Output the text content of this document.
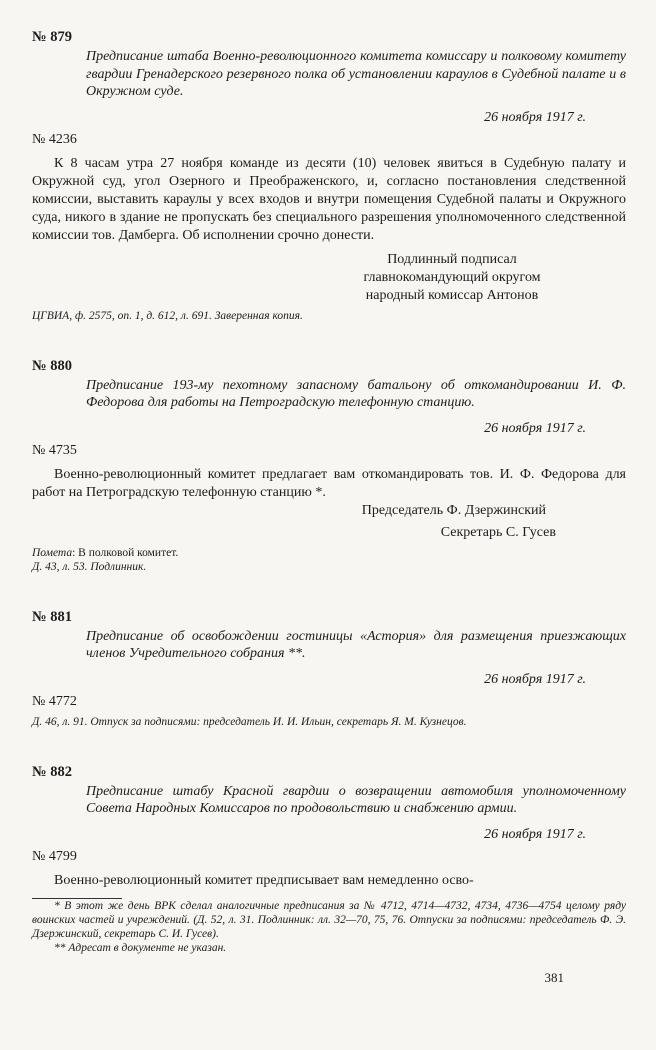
№ 879
Предписание штаба Военно-революционного комитета комиссару и полковому комитету гвардии Гренадерского резервного полка об установлении караулов в Судебной палате и в Окружном суде.
26 ноября 1917 г.
№ 4236

К 8 часам утра 27 ноября команде из десяти (10) человек явиться в Судебную палату и Окружной суд, угол Озерного и Преображенского, и, согласно постановления следственной комиссии, выставить караулы у всех входов и внутри помещения Судебной палаты и Окружного суда, никого в здание не пропускать без специального разрешения уполномоченного следственной комиссии тов. Дамберга. Об исполнении срочно донести.

Подлинный подписал
главнокомандующий округом
народный комиссар Антонов
ЦГВИА, ф. 2575, оп. 1, д. 612, л. 691. Заверенная копия.
№ 880
Предписание 193-му пехотному запасному батальону об откомандировании И. Ф. Федорова для работы на Петроградскую телефонную станцию.
26 ноября 1917 г.
№ 4735

Военно-революционный комитет предлагает вам откомандировать тов. И. Ф. Федорова для работ на Петроградскую телефонную станцию *.

Председатель Ф. Дзержинский
Секретарь С. Гусев
Помета: В полковой комитет.
Д. 43, л. 53. Подлинник.
№ 881
Предписание об освобождении гостиницы «Астория» для размещения приезжающих членов Учредительного собрания **.
26 ноября 1917 г.
№ 4772
Д. 46, л. 91. Отпуск за подписями: председатель И. И. Ильин, секретарь Я. М. Кузнецов.
№ 882
Предписание штабу Красной гвардии о возвращении автомобиля уполномоченному Совета Народных Комиссаров по продовольствию и снабжению армии.
26 ноября 1917 г.
№ 4799

Военно-революционный комитет предписывает вам немедленно осво-

* В этот же день ВРК сделал аналогичные предписания за № 4712, 4714—4732, 4734, 4736—4754 целому ряду воинских частей и учреждений. (Д. 52, л. 31. Подлинник: лл. 32—70, 75, 76. Отпуски за подписями: председатель Ф. Э. Дзержинский, секретарь С. И. Гусев).
** Адресат в документе не указан.
381
